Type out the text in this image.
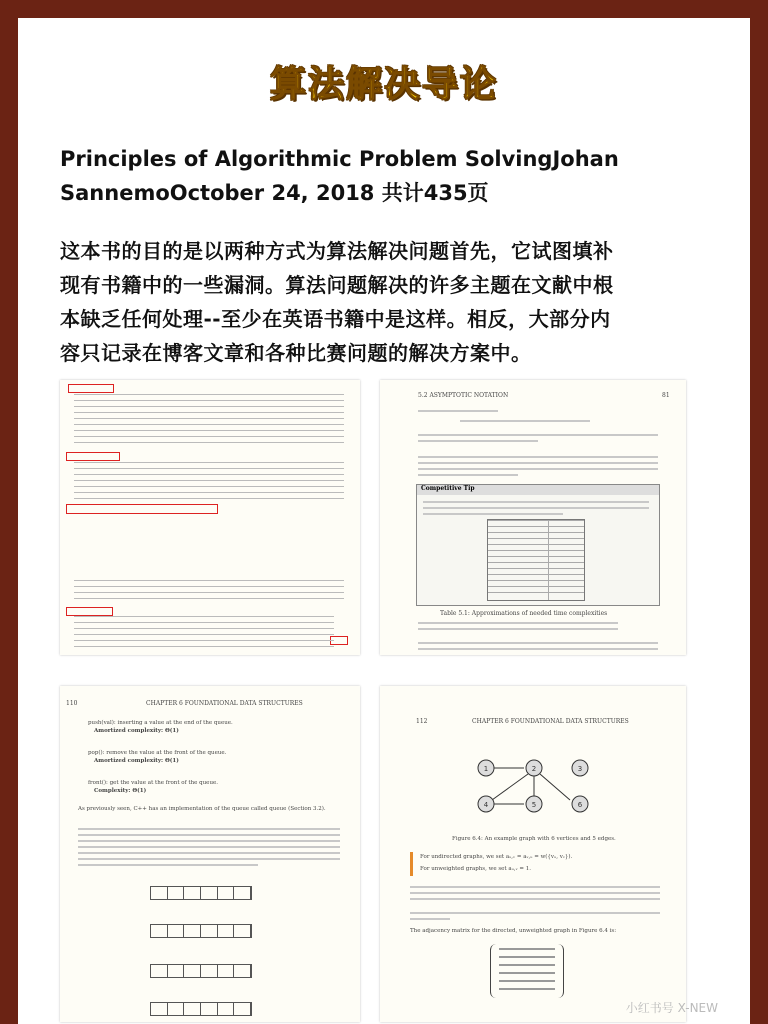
算法解决导论
Principles of Algorithmic Problem SolvingJohan
SannemoOctober 24, 2018 共计435页
这本书的目的是以两种方式为算法解决问题首先，它试图填补
现有书籍中的一些漏洞。算法问题解决的许多主题在文献中根
本缺乏任何处理--至少在英语书籍中是这样。相反，大部分内
容只记录在博客文章和各种比赛问题的解决方案中。
5.2 ASYMPTOTIC NOTATION	81
Competitive Tip
Table 5.1: Approximations of needed time complexities
110	CHAPTER 6 FOUNDATIONAL DATA STRUCTURES
push(val): inserting a value at the end of the queue.
Amortized complexity: Θ(1)
pop(): remove the value at the front of the queue.
Amortized complexity: Θ(1)
front(): get the value at the front of the queue.
Complexity: Θ(1)
As previously seen, C++ has an implementation of the queue called queue (Section 3.2).
112	CHAPTER 6 FOUNDATIONAL DATA STRUCTURES
1	2	3
4	5	6
Figure 6.4: An example graph with 6 vertices and 5 edges.
For undirected graphs, we set aᵤ,ᵥ = aᵥ,ᵤ = w({vᵤ, vᵥ}).
For unweighted graphs, we set aᵤ,ᵥ = 1.
The adjacency matrix for the directed, unweighted graph in Figure 6.4 is:
小红书号 X-NEW
